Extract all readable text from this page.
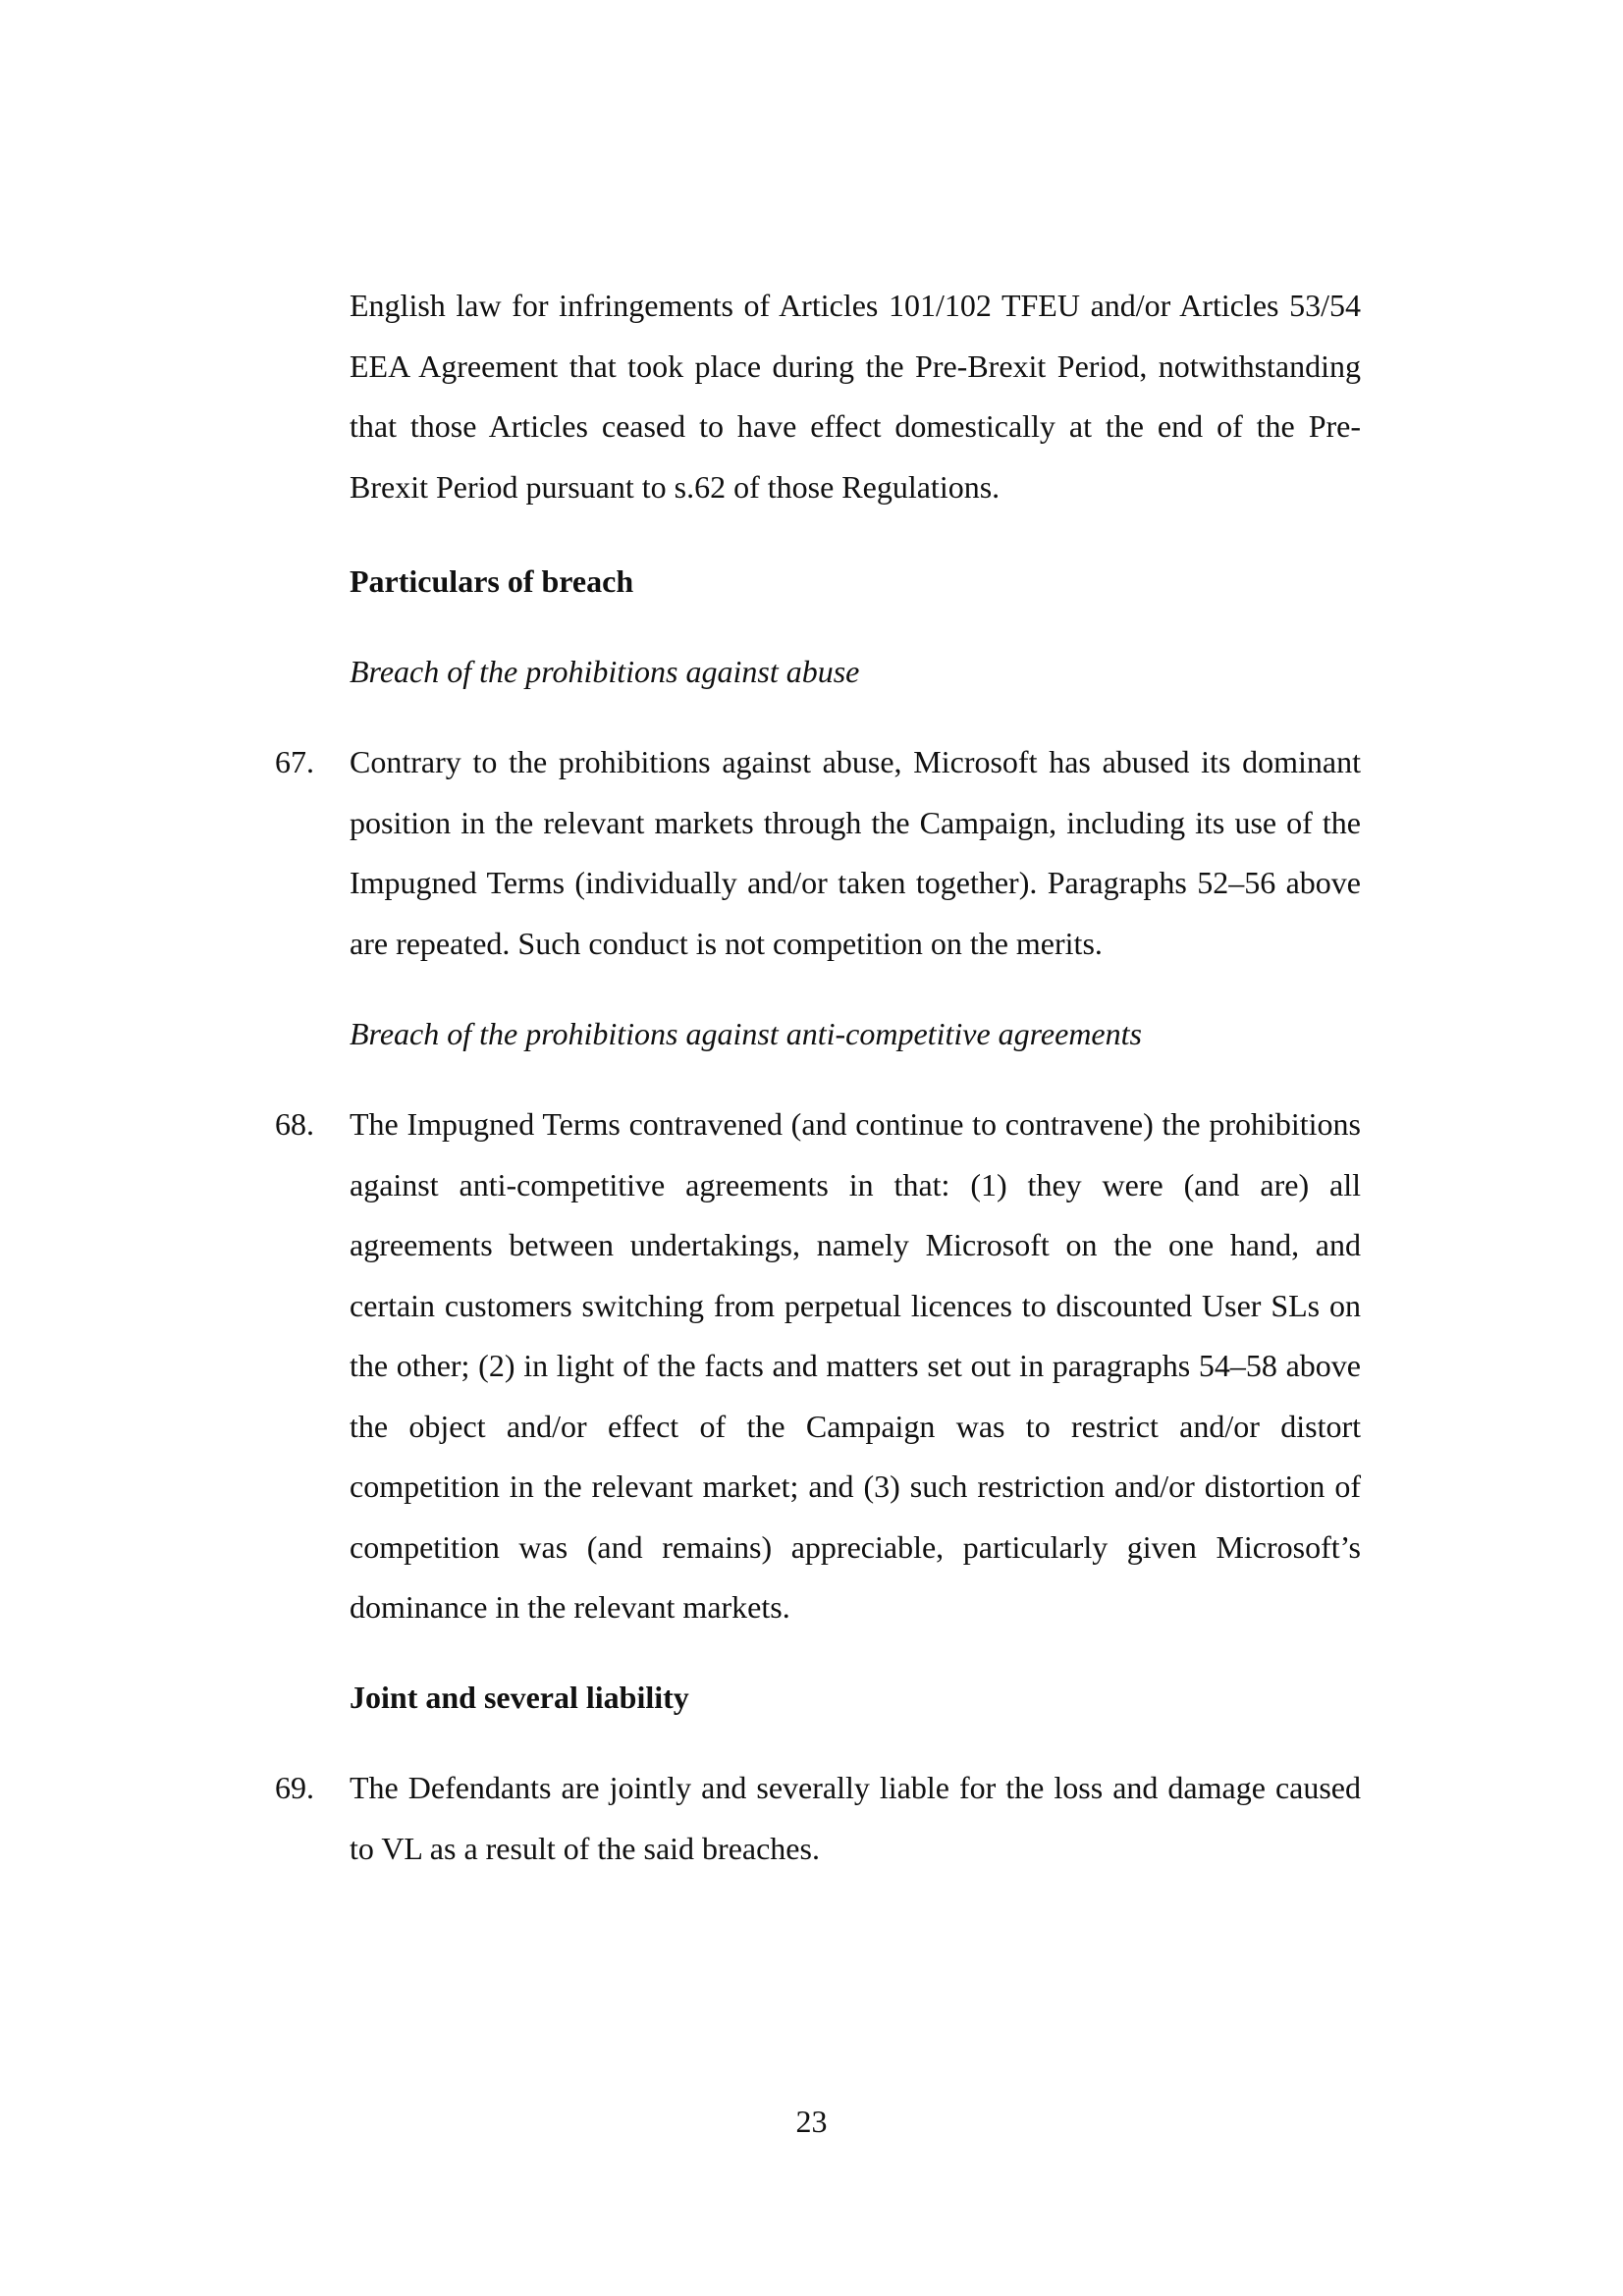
English law for infringements of Articles 101/102 TFEU and/or Articles 53/54 EEA Agreement that took place during the Pre-Brexit Period, notwithstanding that those Articles ceased to have effect domestically at the end of the Pre-Brexit Period pursuant to s.62 of those Regulations.
Particulars of breach
Breach of the prohibitions against abuse
67.	Contrary to the prohibitions against abuse, Microsoft has abused its dominant position in the relevant markets through the Campaign, including its use of the Impugned Terms (individually and/or taken together). Paragraphs 52–56 above are repeated. Such conduct is not competition on the merits.
Breach of the prohibitions against anti-competitive agreements
68.	The Impugned Terms contravened (and continue to contravene) the prohibitions against anti-competitive agreements in that: (1) they were (and are) all agreements between undertakings, namely Microsoft on the one hand, and certain customers switching from perpetual licences to discounted User SLs on the other; (2) in light of the facts and matters set out in paragraphs 54–58 above the object and/or effect of the Campaign was to restrict and/or distort competition in the relevant market; and (3) such restriction and/or distortion of competition was (and remains) appreciable, particularly given Microsoft’s dominance in the relevant markets.
Joint and several liability
69.	The Defendants are jointly and severally liable for the loss and damage caused to VL as a result of the said breaches.
23
